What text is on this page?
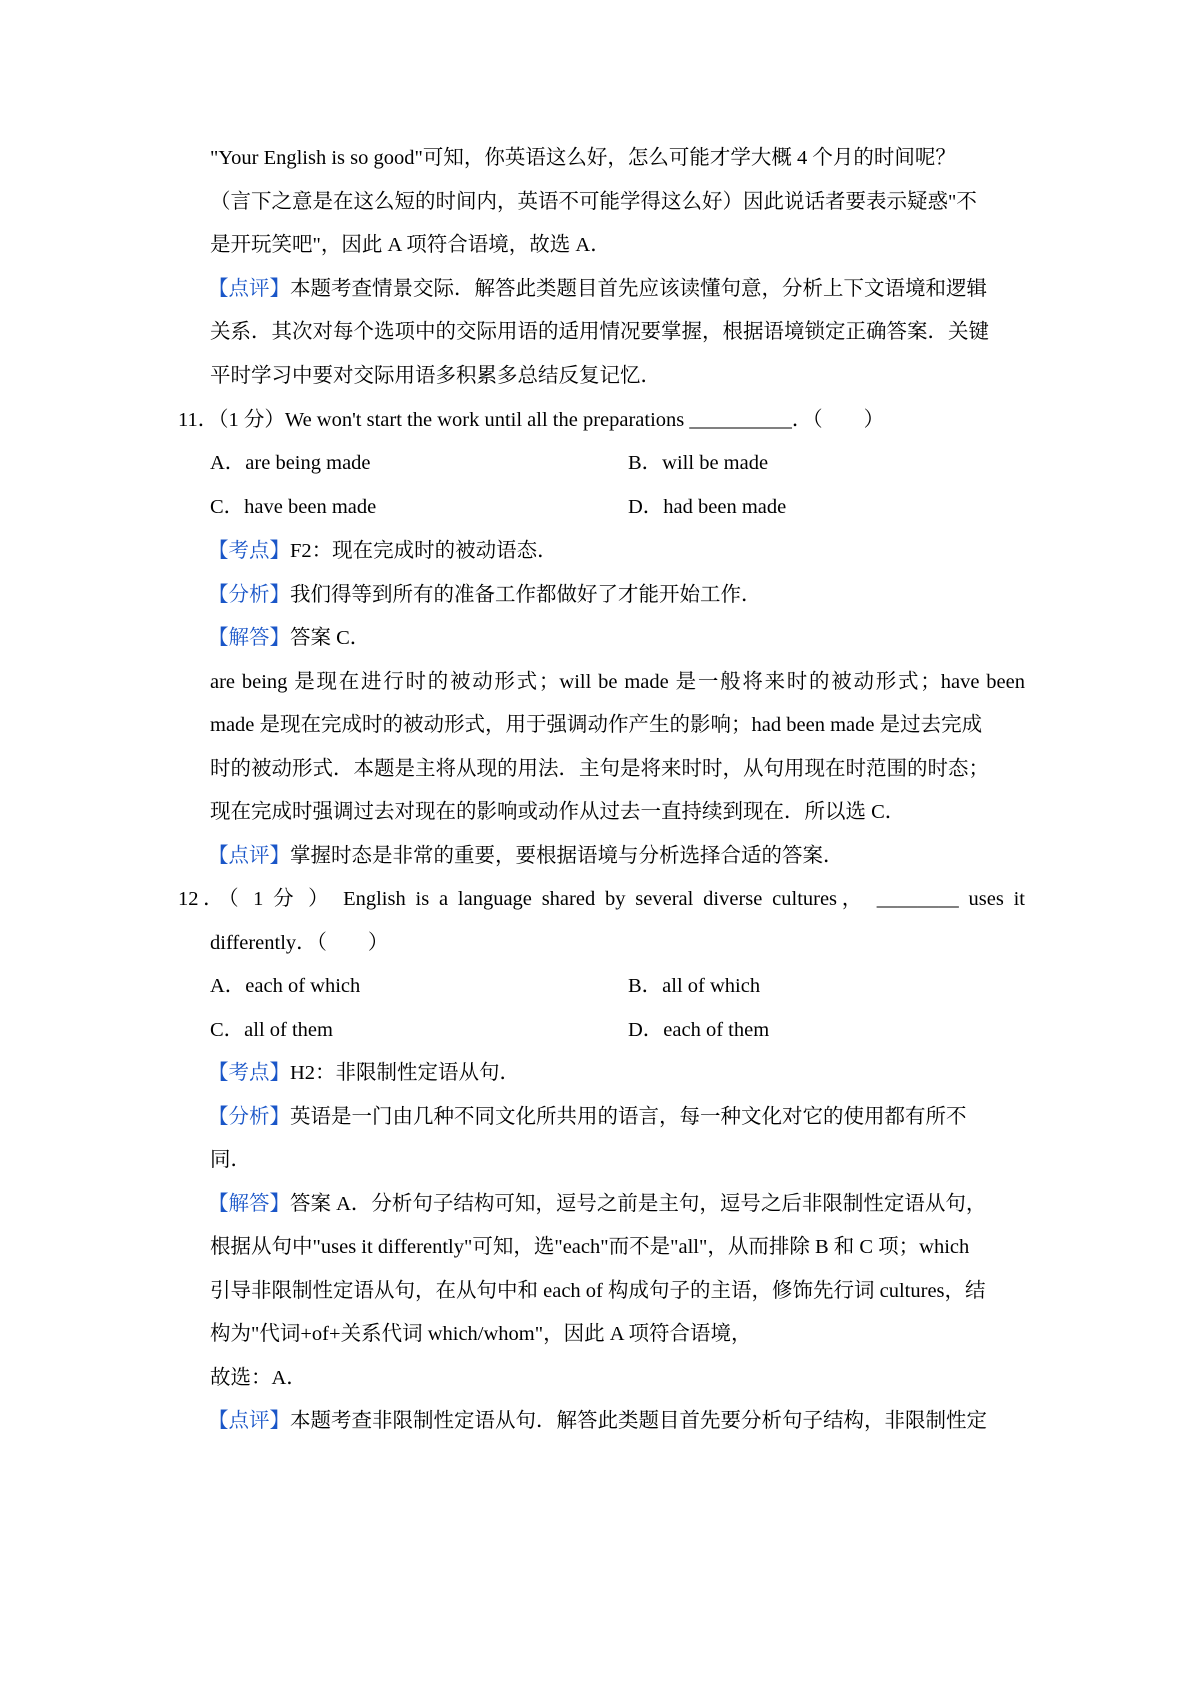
"Your English is so good"可知，你英语这么好，怎么可能才学大概 4 个月的时间呢？
（言下之意是在这么短的时间内，英语不可能学得这么好）因此说话者要表示疑惑"不
是开玩笑吧"，因此 A 项符合语境，故选 A．
【点评】本题考查情景交际．解答此类题目首先应该读懂句意，分析上下文语境和逻辑
关系．其次对每个选项中的交际用语的适用情况要掌握，根据语境锁定正确答案．关键
平时学习中要对交际用语多积累多总结反复记忆．
11．（1 分）We won't start the work until all the preparations __________．（　　）
A．are being made	B．will be made
C．have been made	D．had been made
【考点】F2：现在完成时的被动语态．
【分析】我们得等到所有的准备工作都做好了才能开始工作．
【解答】答案 C．
are being 是现在进行时的被动形式；will be made 是一般将来时的被动形式；have been
made 是现在完成时的被动形式，用于强调动作产生的影响；had been made 是过去完成
时的被动形式．本题是主将从现的用法．主句是将来时时，从句用现在时范围的时态；
现在完成时强调过去对现在的影响或动作从过去一直持续到现在．所以选 C．
【点评】掌握时态是非常的重要，要根据语境与分析选择合适的答案．
12．（ 1 分 ） English is a language shared by several diverse cultures， ________ uses it
differently．（　　）
A．each of which	B．all of which
C．all of them	D．each of them
【考点】H2：非限制性定语从句．
【分析】英语是一门由几种不同文化所共用的语言，每一种文化对它的使用都有所不
同．
【解答】答案 A．分析句子结构可知，逗号之前是主句，逗号之后非限制性定语从句，
根据从句中"uses it differently"可知，选"each"而不是"all"，从而排除 B 和 C 项；which
引导非限制性定语从句，在从句中和 each of 构成句子的主语，修饰先行词 cultures，结
构为"代词+of+关系代词 which/whom"，因此 A 项符合语境，
故选：A．
【点评】本题考查非限制性定语从句．解答此类题目首先要分析句子结构，非限制性定
